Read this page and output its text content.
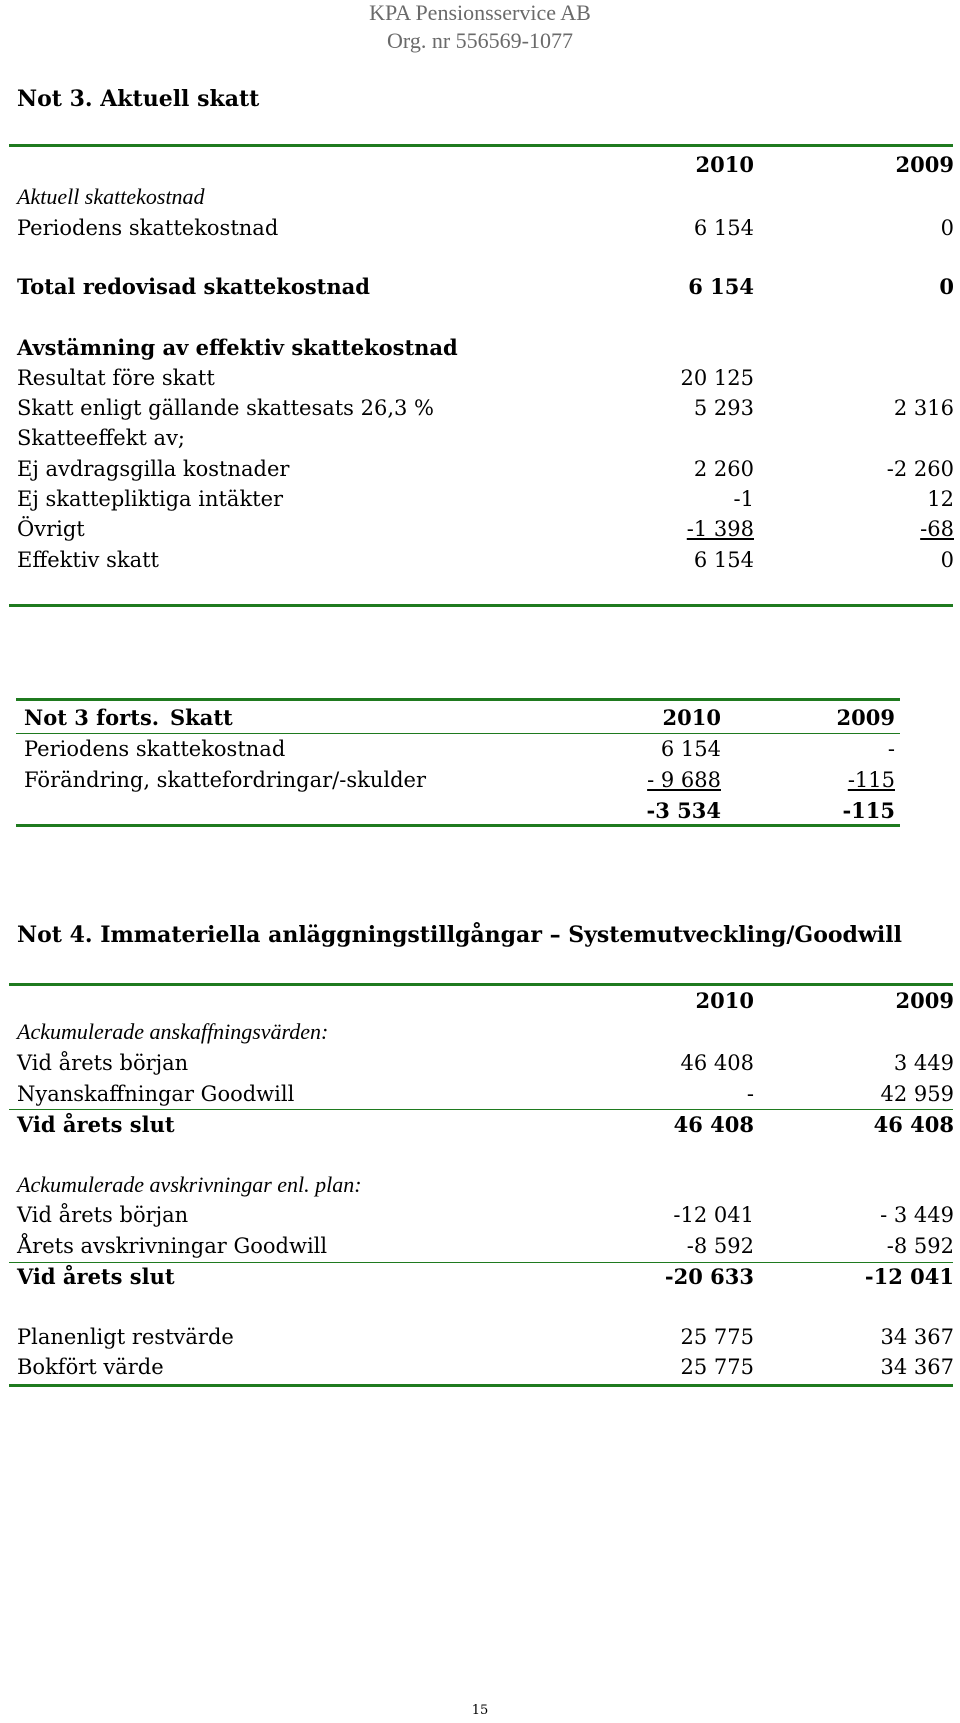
KPA Pensionsservice AB
Org. nr 556569-1077
Not 3. Aktuell skatt
2010	2009
Aktuell skattekostnad
Periodens skattekostnad	6 154	0
Total redovisad skattekostnad	6 154	0
Avstämning av effektiv skattekostnad
Resultat före skatt	20 125
Skatt enligt gällande skattesats 26,3 %	5 293	2 316
Skatteeffekt av;
Ej avdragsgilla kostnader	2 260	-2 260
Ej skattepliktiga intäkter	-1	12
Övrigt	-1 398	-68
Effektiv skatt	6 154	0
Not 3 forts. Skatt	2010	2009
Periodens skattekostnad	6 154	-
Förändring, skattefordringar/-skulder	- 9 688	-115
-3 534	-115
Not 4. Immateriella anläggningstillgångar – Systemutveckling/Goodwill
2010	2009
Ackumulerade anskaffningsvärden:
Vid årets början	46 408	3 449
Nyanskaffningar Goodwill	-	42 959
Vid årets slut	46 408	46 408
Ackumulerade avskrivningar enl. plan:
Vid årets början	-12 041	- 3 449
Årets avskrivningar Goodwill	-8 592	-8 592
Vid årets slut	-20 633	-12 041
Planenligt restvärde	25 775	34 367
Bokfört värde	25 775	34 367
15
